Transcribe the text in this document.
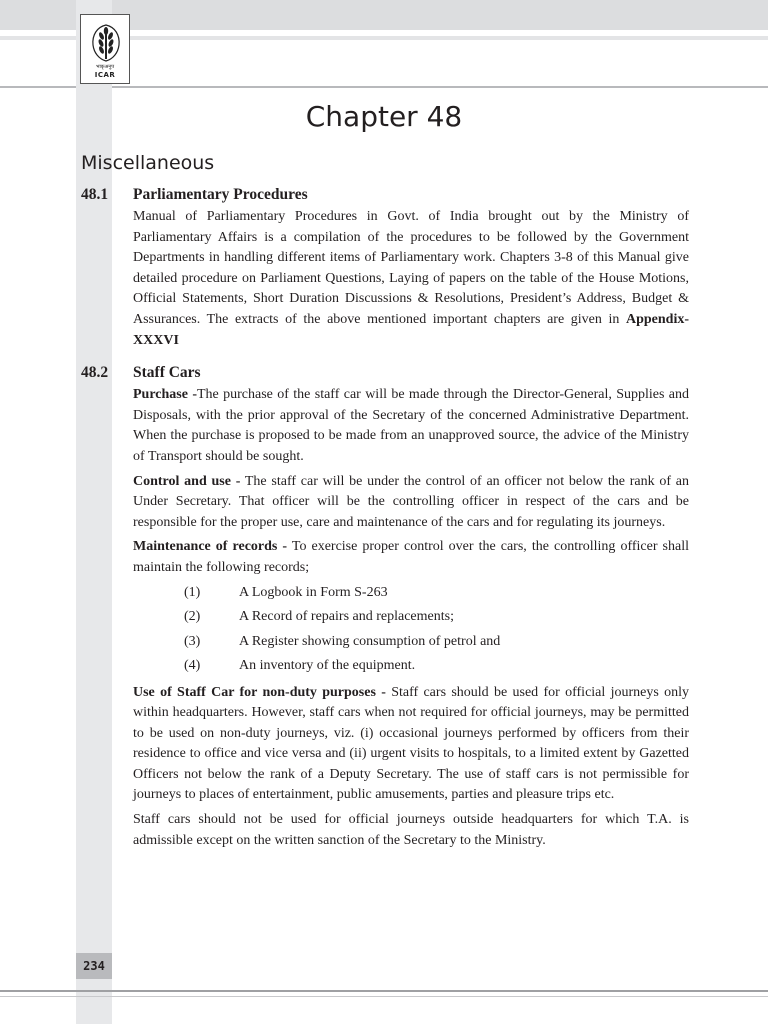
भाकृअनुप
ICAR
Chapter 48
Miscellaneous
48.1 Parliamentary Procedures

Manual of Parliamentary Procedures in Govt. of India brought out by the Ministry of Parliamentary Affairs is a compilation of the procedures to be followed by the Government Departments in handling different items of Parliamentary work. Chapters 3-8 of this Manual give detailed procedure on Parliament Questions, Laying of papers on the table of the House Motions, Official Statements, Short Duration Discussions & Resolutions, President’s Address, Budget & Assurances. The extracts of the above mentioned important chapters are given in Appendix-XXXVI

48.2 Staff Cars

Purchase -The purchase of the staff car will be made through the Director-General, Supplies and Disposals, with the prior approval of the Secretary of the concerned Administrative Department. When the purchase is proposed to be made from an unapproved source, the advice of the Ministry of Transport should be sought.

Control and use - The staff car will be under the control of an officer not below the rank of an Under Secretary. That officer will be the controlling officer in respect of the cars and be responsible for the proper use, care and maintenance of the cars and for regulating its journeys.

Maintenance of records - To exercise proper control over the cars, the controlling officer shall maintain the following records;

(1)	A Logbook in Form S-263
(2)	A Record of repairs and replacements;
(3)	A Register showing consumption of petrol and
(4)	An inventory of the equipment.

Use of Staff Car for non-duty purposes - Staff cars should be used for official journeys only within headquarters. However, staff cars when not required for official journeys, may be permitted to be used on non-duty journeys, viz. (i) occasional journeys performed by officers from their residence to office and vice versa and (ii) urgent visits to hospitals, to a limited extent by Gazetted Officers not below the rank of a Deputy Secretary. The use of staff cars is not permissible for journeys to places of entertainment, public amusements, parties and pleasure trips etc.

Staff cars should not be used for official journeys outside headquarters for which T.A. is admissible except on the written sanction of the Secretary to the Ministry.

234
